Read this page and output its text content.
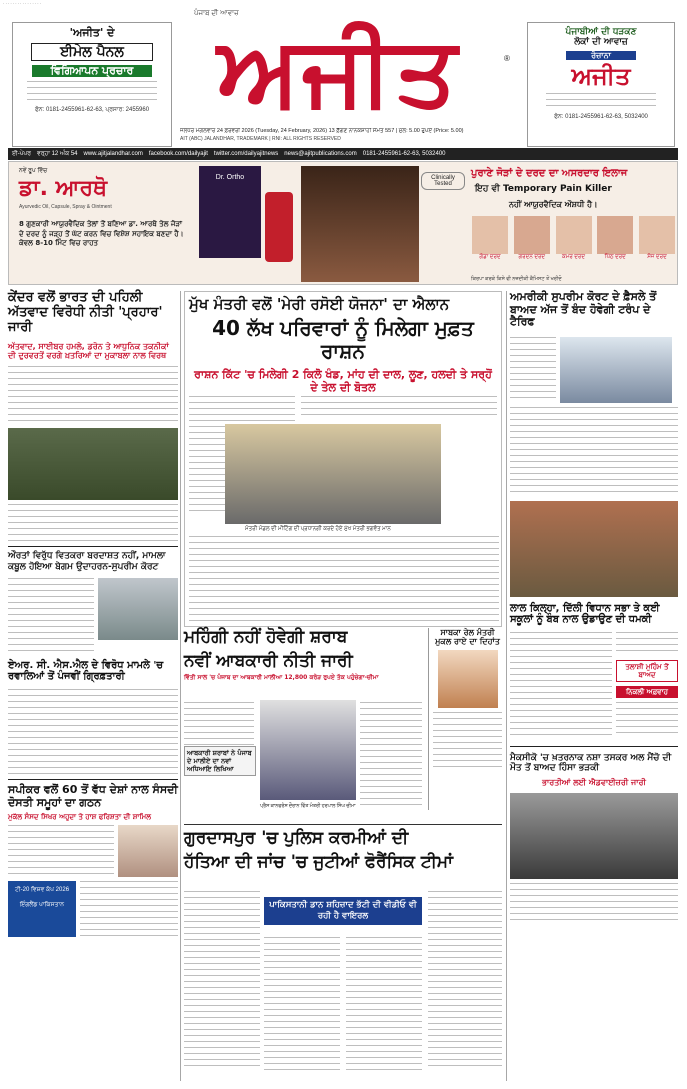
· · · · · · · · · · · · · · · ·
'ਅਜੀਤ' ਦੇ
ਈਮੇਲ ਪੈਨਲ
ਵਿਗਿਆਪਨ ਪ੍ਰਚਾਰ
ਫੋਨ: 0181-2455961-62-63, ਪ੍ਰਸਾਰ: 2455960
ਪੰਜਾਬ ਦੀ ਆਵਾਜ਼
ਅਜੀਤ	®
ਪੰਜਾਬੀਆਂ ਦੀ ਧੜਕਣ
ਲੋਕਾਂ ਦੀ ਆਵਾਜ਼
ਰੋਜ਼ਾਨਾ
ਅਜੀਤ
ਫੋਨ: 0181-2455961-62-63, 5032400
ਜਲੰਧਰ ਮੰਗਲਵਾਰ 24 ਫ਼ਰਵਰੀ 2026 (Tuesday, 24 February, 2026) 13 ਫ਼ੱਗਣ ਨਾਨਕਸ਼ਾਹੀ ਸੰਮਤ 557 | ਮੁੱਲ: 5.00 ਰੁਪਏ (Price: 5.00)
AIT (ABC) JALANDHAR, TRADEMARK | RNI: ALL RIGHTS RESERVED
ਈ-ਪੇਪਰ ਵਰ੍ਹਾ 12 ਅੰਕ 54 www.ajitjalandhar.com facebook.com/dailyajit twitter.com/dailyajitnews news@ajitpublications.com 0181-2455961-62-63, 5032400
ਨਵੇਂ ਰੂਪ ਵਿੱਚ
ਡਾ. ਆਰਥੋ
Ayurvedic Oil, Capsule, Spray & Ointment
8 ਗੁਣਕਾਰੀ ਆਯੁਰਵੈਦਿਕ ਤੇਲਾਂ ਤੋਂ ਬਣਿਆ ਡਾ. ਆਰਥੋ ਤੇਲ ਜੋੜਾਂ ਦੇ ਦਰਦ ਨੂੰ ਜੜ੍ਹ ਤੋਂ ਘੱਟ ਕਰਨ ਵਿਚ ਵਿਸ਼ੇਸ਼ ਸਹਾਇਕ ਬਣਦਾ ਹੈ। ਕੇਵਲ 8-10 ਮਿੰਟ ਵਿਚ ਰਾਹਤ
Dr. Ortho	Clinically Tested
ਪੁਰਾਣੇ ਜੋੜਾਂ ਦੇ ਦਰਦ ਦਾ ਅਸਰਦਾਰ ਇਲਾਜ
ਇਹ ਵੀ Temporary Pain Killer
ਨਹੀਂ ਆਯੁਰਵੈਦਿਕ ਔਸ਼ਧੀ ਹੈ।
ਗੋਡਾ ਦਰਦ	ਗਰਦਨ ਦਰਦ	ਕਮਰ ਦਰਦ	ਪਿੱਠ ਦਰਦ	ਸੋਜ ਦਰਦ
ਕਿਰਪਾ ਕਰਕੇ ਕਿਸੇ ਵੀ ਨਜ਼ਦੀਕੀ ਕੈਮਿਸਟ ਤੋਂ ਖਰੀਦੋ
ਕੇਂਦਰ ਵਲੋਂ ਭਾਰਤ ਦੀ ਪਹਿਲੀ ਅੱਤਵਾਦ ਵਿਰੋਧੀ ਨੀਤੀ 'ਪ੍ਰਹਾਰ' ਜਾਰੀ
ਅੱਤਵਾਦ, ਸਾਈਬਰ ਹਮਲੇ, ਡਰੋਨ ਤੇ ਆਧੁਨਿਕ ਤਕਨੀਕਾਂ ਦੀ ਦੁਰਵਰਤੋਂ ਵਰਗੇ ਖ਼ਤਰਿਆਂ ਦਾ ਮੁਕਾਬਲਾ ਨਾਲ ਵਿਰਥ
ਔਰਤਾਂ ਵਿਰੁੱਧ ਵਿਤਕਰਾ ਬਰਦਾਸ਼ਤ ਨਹੀਂ, ਮਾਮਲਾ ਕਬੂਲ ਹੋਇਆ ਬੇਗਮ ਉਦਾਹਰਨ-ਸੁਪਰੀਮ ਕੋਰਟ
ਏਅਰ. ਸੀ. ਐਸ.ਐਲ ਦੇ ਵਿਰੋਧ ਮਾਮਲੇ 'ਚ ਰਵਾਲਿਆਂ ਤੋਂ ਪੰਜਵੀਂ ਗ੍ਰਿਫ਼ਤਾਰੀ
ਸਪੀਕਰ ਵਲੋਂ 60 ਤੋਂ ਵੱਧ ਦੇਸ਼ਾਂ ਨਾਲ ਸੰਸਦੀ ਦੋਸਤੀ ਸਮੂਹਾਂ ਦਾ ਗਠਨ
ਮੁਕੱਲ ਸੰਸਦ ਸਿਖਰ ਅਹੁਦਾ ਤੇ ਹਾਸ਼ ਫਰਿਸ਼ਤਾ ਦੀ ਸ਼ਾਮਿਲ
ਟੀ-20 ਵਿਸ਼ਵ ਕੱਪ 2026
ਇੰਗਲੈਂਡ ਪਾਕਿਸਤਾਨ
ਮੁੱਖ ਮੰਤਰੀ ਵਲੋਂ 'ਮੇਰੀ ਰਸੋਈ ਯੋਜਨਾ' ਦਾ ਐਲਾਨ
40 ਲੱਖ ਪਰਿਵਾਰਾਂ ਨੂੰ ਮਿਲੇਗਾ ਮੁਫ਼ਤ ਰਾਸ਼ਨ
ਰਾਸ਼ਨ ਕਿੱਟ 'ਚ ਮਿਲੇਗੀ 2 ਕਿਲੋ ਖੰਡ, ਮਾਂਹ ਦੀ ਦਾਲ, ਲੂਣ, ਹਲਦੀ ਤੇ ਸਰ੍ਹੋਂ ਦੇ ਤੇਲ ਦੀ ਬੋਤਲ
ਮੰਤਰੀ ਮੰਡਲ ਦੀ ਮੀਟਿੰਗ ਦੀ ਪ੍ਰਧਾਨਗੀ ਕਰਦੇ ਹੋਏ ਮੁੱਖ ਮੰਤਰੀ ਭਗਵੰਤ ਮਾਨ
ਮਹਿੰਗੀ ਨਹੀਂ ਹੋਵੇਗੀ ਸ਼ਰਾਬ
ਨਵੀਂ ਆਬਕਾਰੀ ਨੀਤੀ ਜਾਰੀ
ਵਿੱਤੀ ਸਾਲ 'ਚ ਪੰਜਾਬ ਦਾ ਆਬਕਾਰੀ ਮਾਲੀਆ 12,800 ਕਰੋੜ ਰੁਪਏ ਤੱਕ ਪਹੁੰਚੇਗਾ-ਚੀਮਾ
ਆਬਕਾਰੀ ਸ਼ਰਾਬਾਂ ਨੇ ਪੰਜਾਬ ਦੇ ਮਾਲੀਏ ਦਾ ਨਵਾਂ ਅਧਿਆਇ ਲਿਖਿਆ
ਪ੍ਰੈਸ ਕਾਨਫਰੰਸ ਦੌਰਾਨ ਵਿੱਤ ਮੰਤਰੀ ਹਰਪਾਲ ਸਿੰਘ ਚੀਮਾ
ਸਾਬਕਾ ਰੇਲ ਮੰਤਰੀ ਮੁਕਲ ਰਾਏ ਦਾ ਦਿਹਾਂਤ
ਗੁਰਦਾਸਪੁਰ 'ਚ ਪੁਲਿਸ ਕਰਮੀਆਂ ਦੀ
ਹੱਤਿਆ ਦੀ ਜਾਂਚ 'ਚ ਜੁਟੀਆਂ ਫੋਰੈਂਸਿਕ ਟੀਮਾਂ
ਪਾਕਿਸਤਾਨੀ ਡਾਨ ਸ਼ਹਿਜ਼ਾਦ ਭੱਟੀ ਦੀ ਵੀਡੀਓ ਵੀ ਰਹੀ ਹੈ ਵਾਇਰਲ
ਅਮਰੀਕੀ ਸੁਪਰੀਮ ਕੋਰਟ ਦੇ ਫ਼ੈਸਲੇ ਤੋਂ ਬਾਅਦ ਅੱਜ ਤੋਂ ਬੰਦ ਹੋਵੇਗੀ ਟਰੰਪ ਦੇ ਟੈਰਿਫ
ਲਾਲ ਕਿਲ੍ਹਾ, ਦਿੱਲੀ ਵਿਧਾਨ ਸਭਾ ਤੇ ਕਈ ਸਕੂਲਾਂ ਨੂੰ ਬੰਬ ਨਾਲ ਉਡਾਉਣ ਦੀ ਧਮਕੀ
ਤਲਾਸ਼ੀ ਮੁਹਿੰਮ ਤੋਂ ਬਾਅਦ
ਨਿਕਲੀ ਅਫ਼ਵਾਹ
ਮੈਕਸੀਕੋ 'ਚ ਖ਼ਤਰਨਾਕ ਨਸ਼ਾ ਤਸਕਰ ਅਲ ਮੈਂਚੋ ਦੀ ਮੌਤ ਤੋਂ ਬਾਅਦ ਹਿੰਸਾ ਭੜਕੀ
ਭਾਰਤੀਆਂ ਲਈ ਐਡਵਾਈਜ਼ਰੀ ਜਾਰੀ
